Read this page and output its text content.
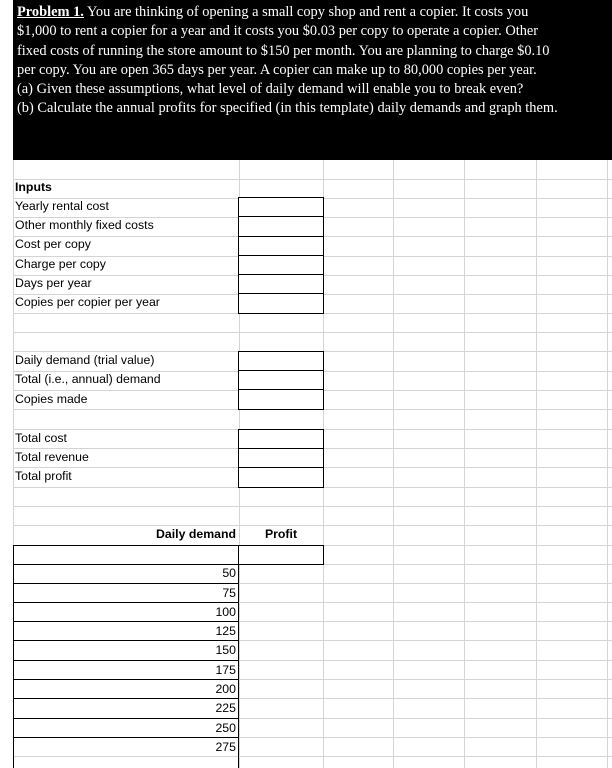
Problem 1. You are thinking of opening a small copy shop and rent a copier. It costs you
$1,000 to rent a copier for a year and it costs you $0.03 per copy to operate a copier. Other
fixed costs of running the store amount to $150 per month. You are planning to charge $0.10
per copy. You are open 365 days per year. A copier can make up to 80,000 copies per year.
(a) Given these assumptions, what level of daily demand will enable you to break even?
(b) Calculate the annual profits for specified (in this template) daily demands and graph them.
Inputs
Yearly rental cost
Other monthly fixed costs
Cost per copy
Charge per copy
Days per year
Copies per copier per year
Daily demand (trial value)
Total (i.e., annual) demand
Copies made
Total cost
Total revenue
Total profit
Daily demand	Profit
50
75
100
125
150
175
200
225
250
275
